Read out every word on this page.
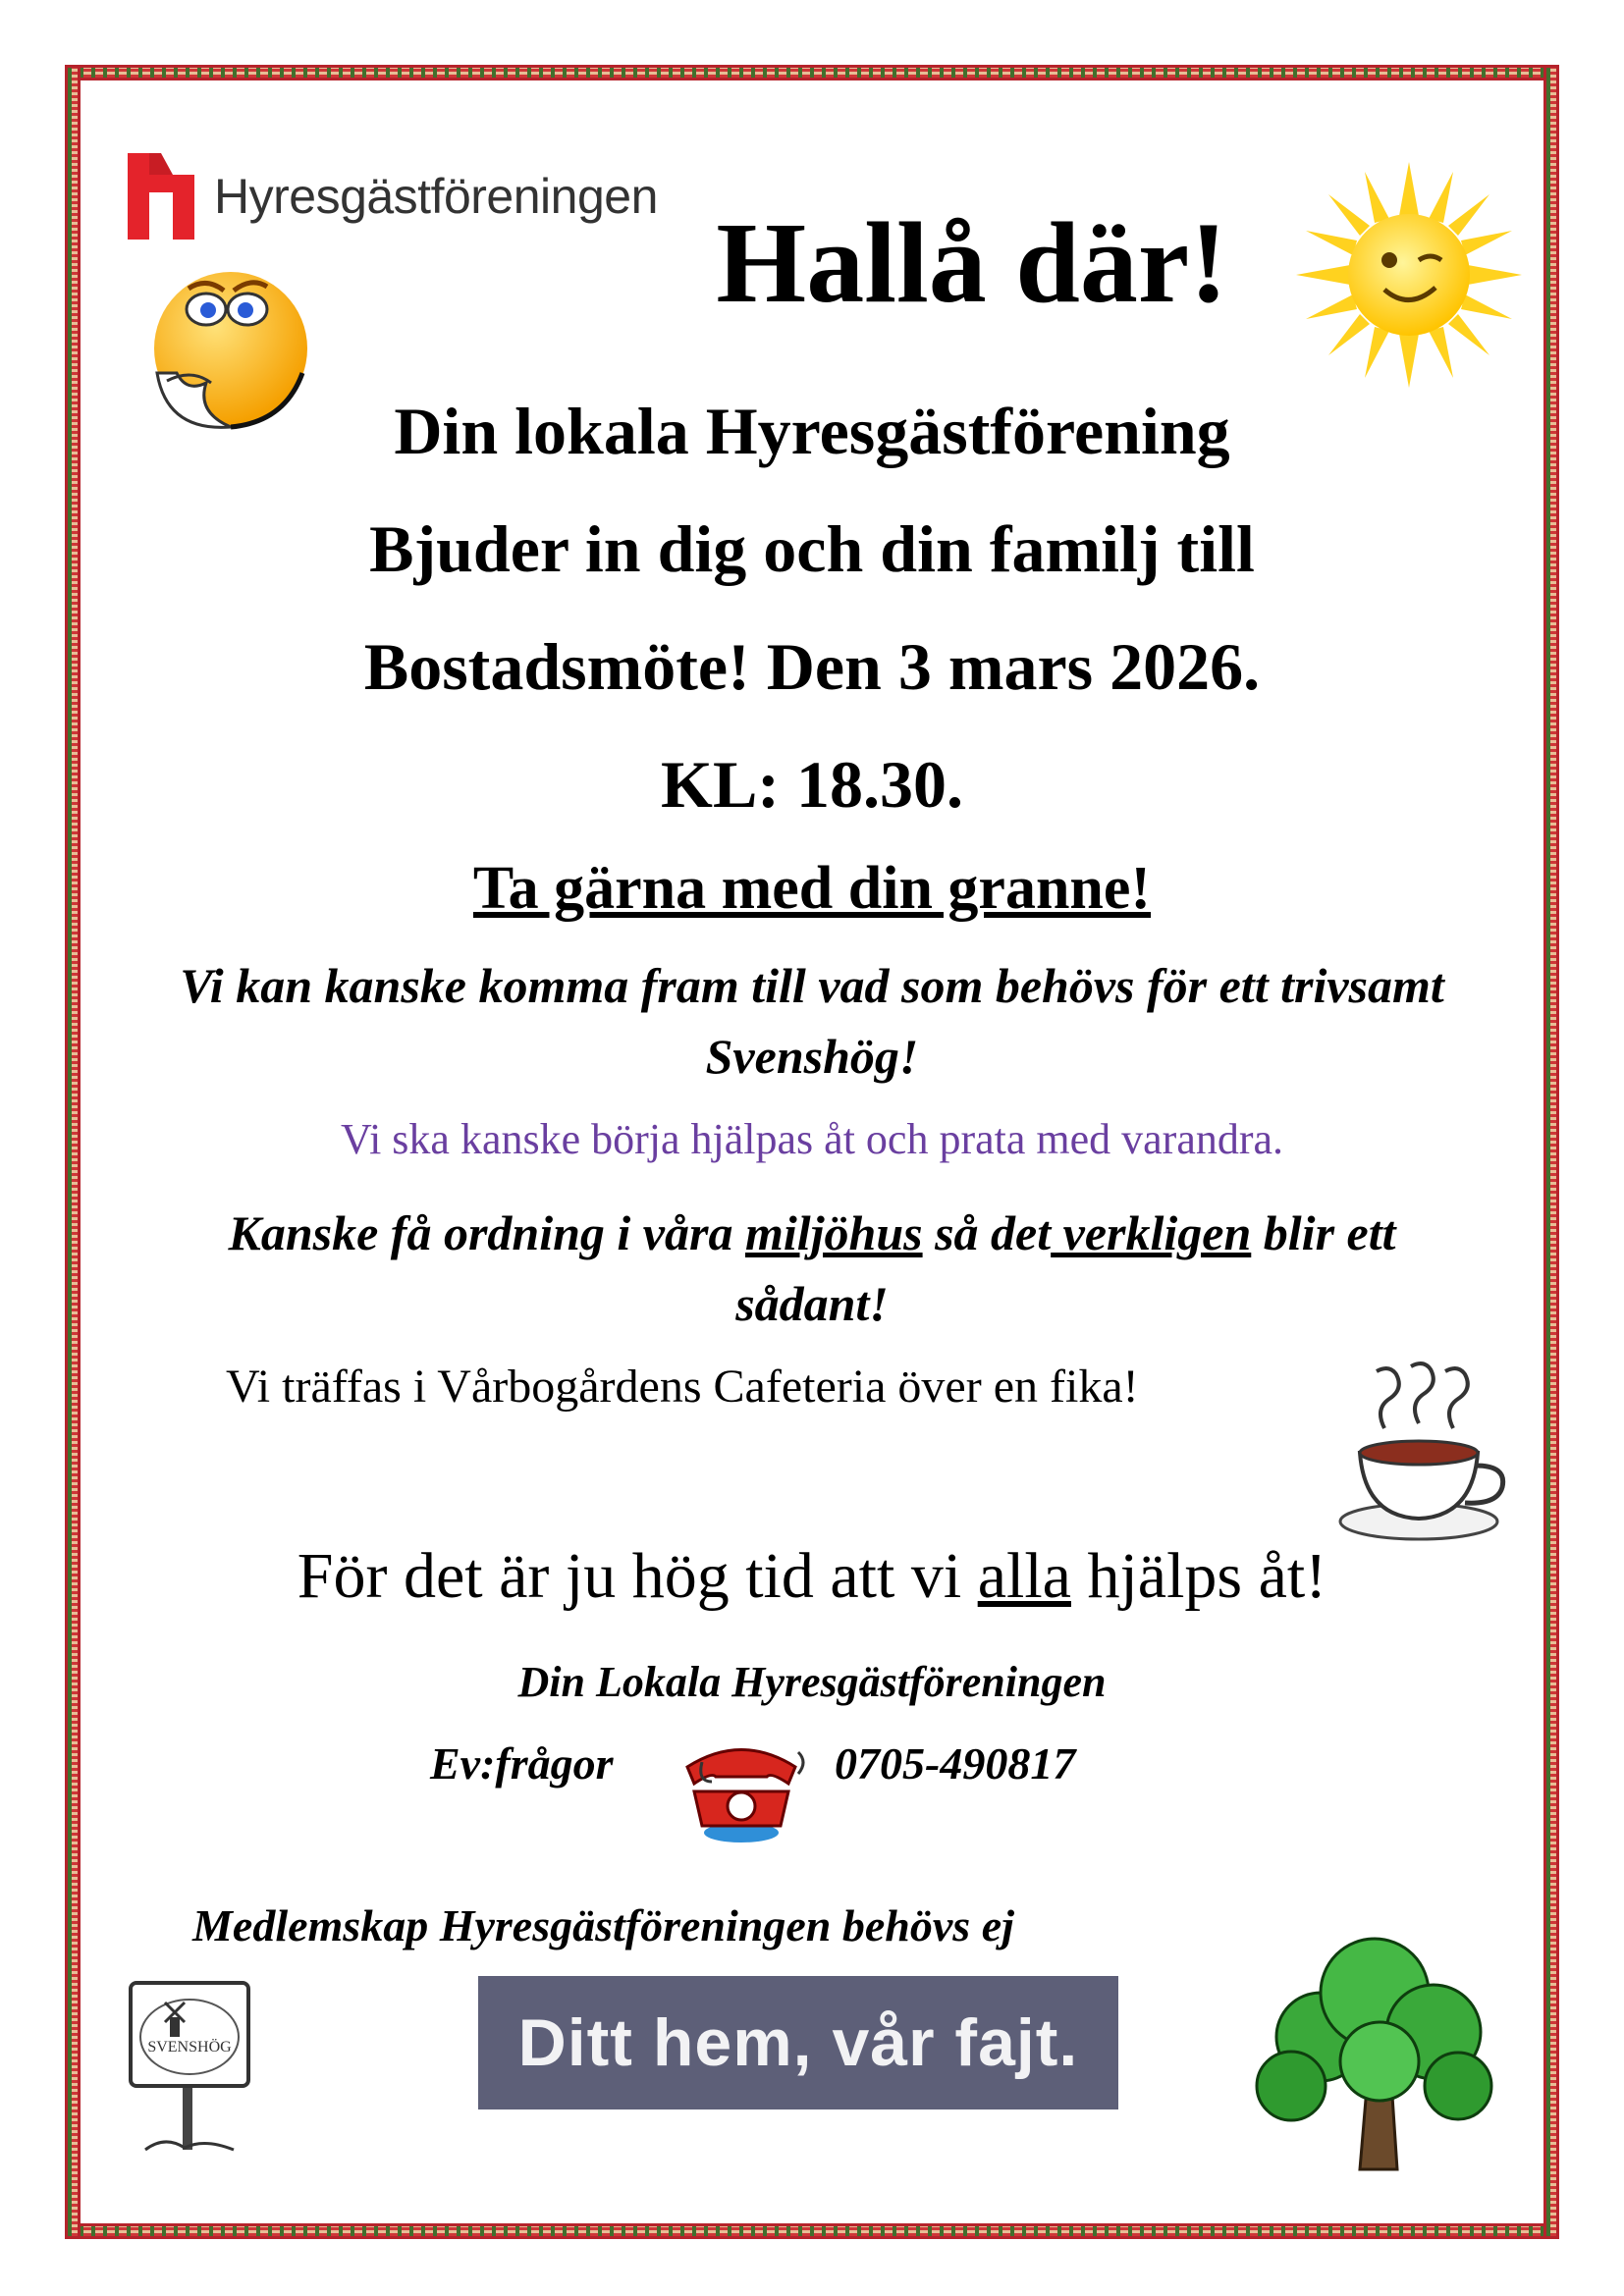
Hyresgästföreningen
Hallå där!
Din lokala Hyresgästförening
Bjuder in dig och din familj till
Bostadsmöte! Den 3 mars 2026.
KL: 18.30.
Ta gärna med din granne!
Vi kan kanske komma fram till vad som behövs för ett trivsamt Svenshög!
Vi ska kanske börja hjälpas åt och prata med varandra.
Kanske få ordning i våra miljöhus så det verkligen blir ett sådant!
Vi träffas i Vårbogårdens Cafeteria över en fika!
För det är ju hög tid att vi alla hjälps åt!
Din Lokala Hyresgästföreningen
Ev:frågor	0705-490817
Medlemskap Hyresgästföreningen behövs ej
Ditt hem, vår fajt.
SVENSHÖG
